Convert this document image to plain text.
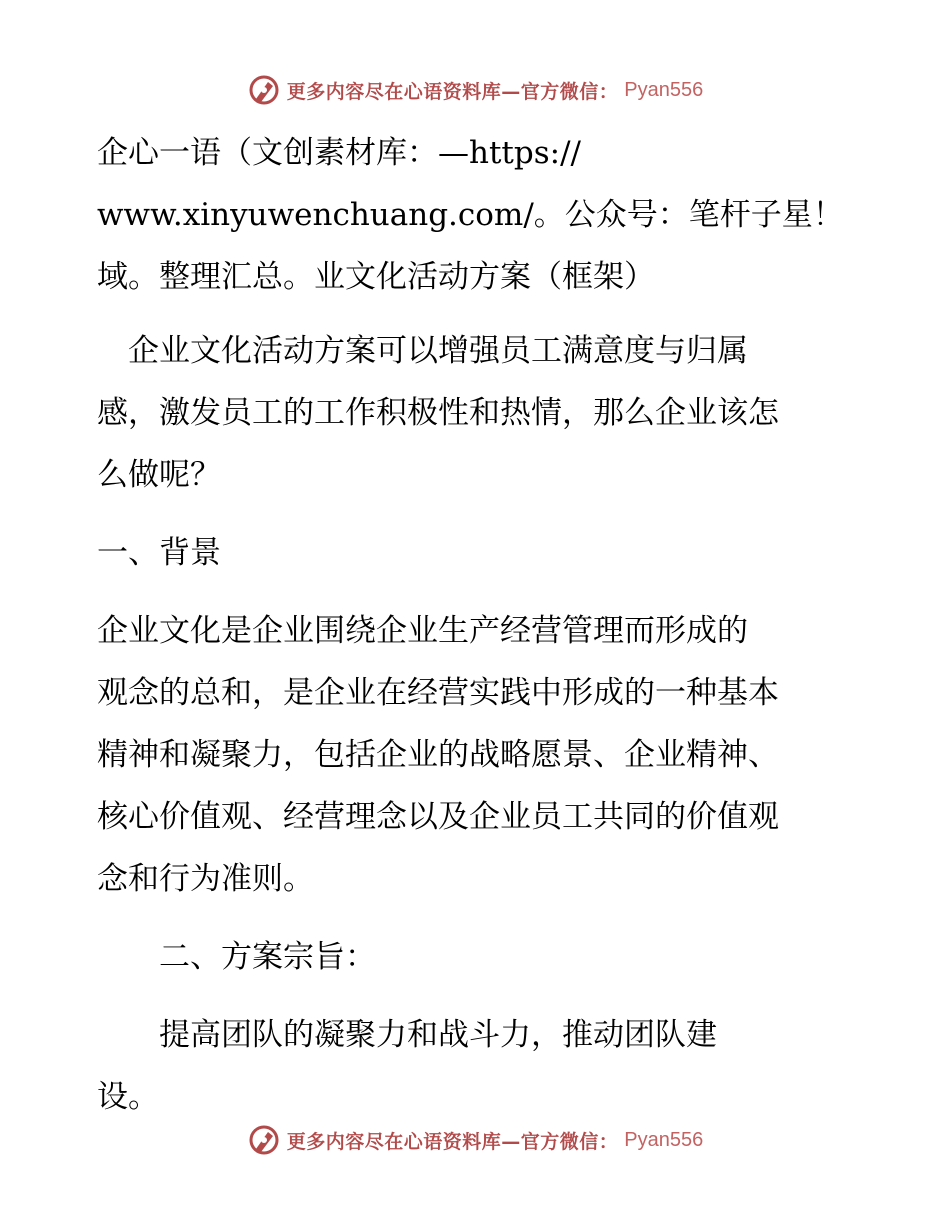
更多内容尽在心语资料库—官方微信： Pyan556
企心一语（文创素材库：—https://
www.xinyuwenchuang.com/。公众号：笔杆子星！
域。整理汇总。业文化活动方案（框架）
　企业文化活动方案可以增强员工满意度与归属
感，激发员工的工作积极性和热情，那么企业该怎
么做呢？
一、背景
企业文化是企业围绕企业生产经营管理而形成的
观念的总和，是企业在经营实践中形成的一种基本
精神和凝聚力，包括企业的战略愿景、企业精神、
核心价值观、经营理念以及企业员工共同的价值观
念和行为准则。
　　二、方案宗旨：
　　提高团队的凝聚力和战斗力，推动团队建
设。
更多内容尽在心语资料库—官方微信： Pyan556
